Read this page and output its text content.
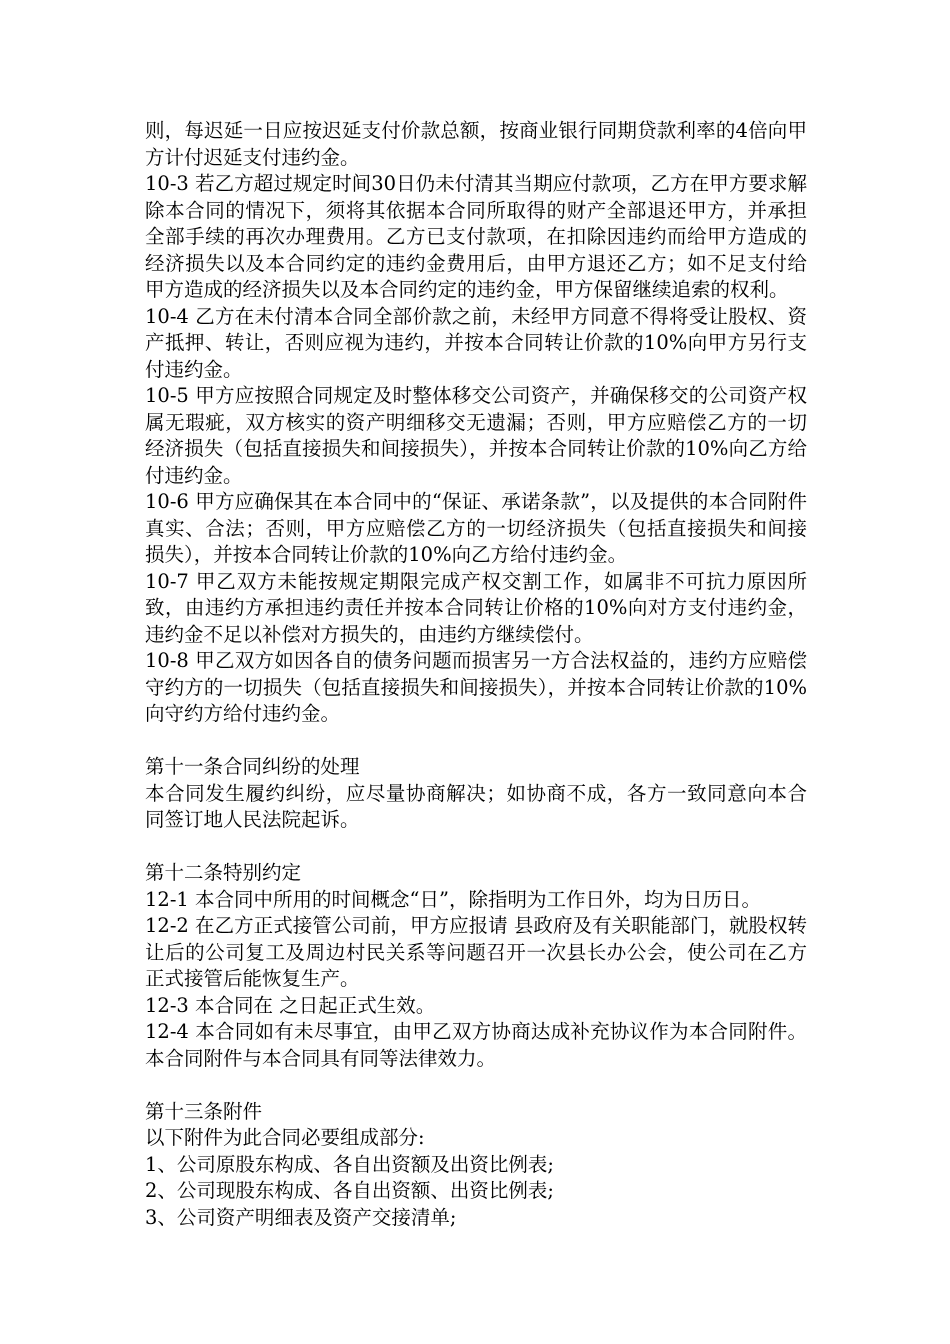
则，每迟延一日应按迟延支付价款总额，按商业银行同期贷款利率的4倍向甲方计付迟延支付违约金。

10-3 若乙方超过规定时间30日仍未付清其当期应付款项，乙方在甲方要求解除本合同的情况下，须将其依据本合同所取得的财产全部退还甲方，并承担全部手续的再次办理费用。乙方已支付款项，在扣除因违约而给甲方造成的经济损失以及本合同约定的违约金费用后，由甲方退还乙方；如不足支付给甲方造成的经济损失以及本合同约定的违约金，甲方保留继续追索的权利。

10-4 乙方在未付清本合同全部价款之前，未经甲方同意不得将受让股权、资产抵押、转让，否则应视为违约，并按本合同转让价款的10%向甲方另行支付违约金。

10-5 甲方应按照合同规定及时整体移交公司资产，并确保移交的公司资产权属无瑕疵，双方核实的资产明细移交无遗漏；否则，甲方应赔偿乙方的一切经济损失（包括直接损失和间接损失），并按本合同转让价款的10%向乙方给付违约金。

10-6 甲方应确保其在本合同中的“保证、承诺条款”，以及提供的本合同附件真实、合法；否则，甲方应赔偿乙方的一切经济损失（包括直接损失和间接损失），并按本合同转让价款的10%向乙方给付违约金。

10-7 甲乙双方未能按规定期限完成产权交割工作，如属非不可抗力原因所致，由违约方承担违约责任并按本合同转让价格的10%向对方支付违约金，违约金不足以补偿对方损失的，由违约方继续偿付。

10-8 甲乙双方如因各自的债务问题而损害另一方合法权益的，违约方应赔偿守约方的一切损失（包括直接损失和间接损失），并按本合同转让价款的10%向守约方给付违约金。

第十一条合同纠纷的处理

本合同发生履约纠纷，应尽量协商解决；如协商不成，各方一致同意向本合同签订地人民法院起诉。

第十二条特别约定

12-1 本合同中所用的时间概念“日”，除指明为工作日外，均为日历日。

12-2 在乙方正式接管公司前，甲方应报请 县政府及有关职能部门，就股权转让后的公司复工及周边村民关系等问题召开一次县长办公会，使公司在乙方正式接管后能恢复生产。

12-3 本合同在 之日起正式生效。

12-4 本合同如有未尽事宜，由甲乙双方协商达成补充协议作为本合同附件。本合同附件与本合同具有同等法律效力。

第十三条附件

以下附件为此合同必要组成部分:

1、公司原股东构成、各自出资额及出资比例表;

2、公司现股东构成、各自出资额、出资比例表;

3、公司资产明细表及资产交接清单;
